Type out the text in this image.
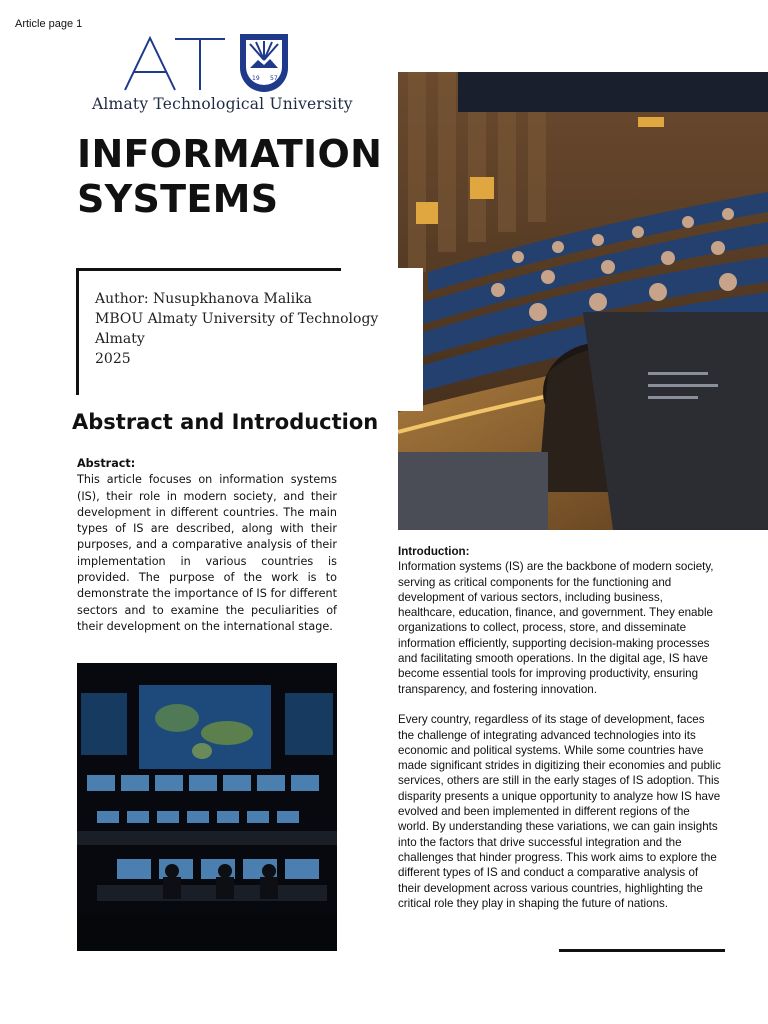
Article page 1
19 57
Almaty Technological University
INFORMATION
SYSTEMS
Author: Nusupkhanova Malika
MBOU Almaty University of Technology
Almaty
2025
Abstract and Introduction
Abstract:
This article focuses on information systems (IS), their role in modern society, and their development in different countries. The main types of IS are described, along with their purposes, and a comparative analysis of their implementation in various countries is provided. The purpose of the work is to demonstrate the importance of IS for different sectors and to examine the peculiarities of their development on the international stage.
Introduction:

Information systems (IS) are the backbone of modern society, serving as critical components for the functioning and development of various sectors, including business, healthcare, education, finance, and government. They enable organizations to collect, process, store, and disseminate information efficiently, supporting decision-making processes and facilitating smooth operations. In the digital age, IS have become essential tools for improving productivity, ensuring transparency, and fostering innovation.

Every country, regardless of its stage of development, faces the challenge of integrating advanced technologies into its economic and political systems. While some countries have made significant strides in digitizing their economies and public services, others are still in the early stages of IS adoption. This disparity presents a unique opportunity to analyze how IS have evolved and been implemented in different regions of the world. By understanding these variations, we can gain insights into the factors that drive successful integration and the challenges that hinder progress. This work aims to explore the different types of IS and conduct a comparative analysis of their development across various countries, highlighting the critical role they play in shaping the future of nations.
